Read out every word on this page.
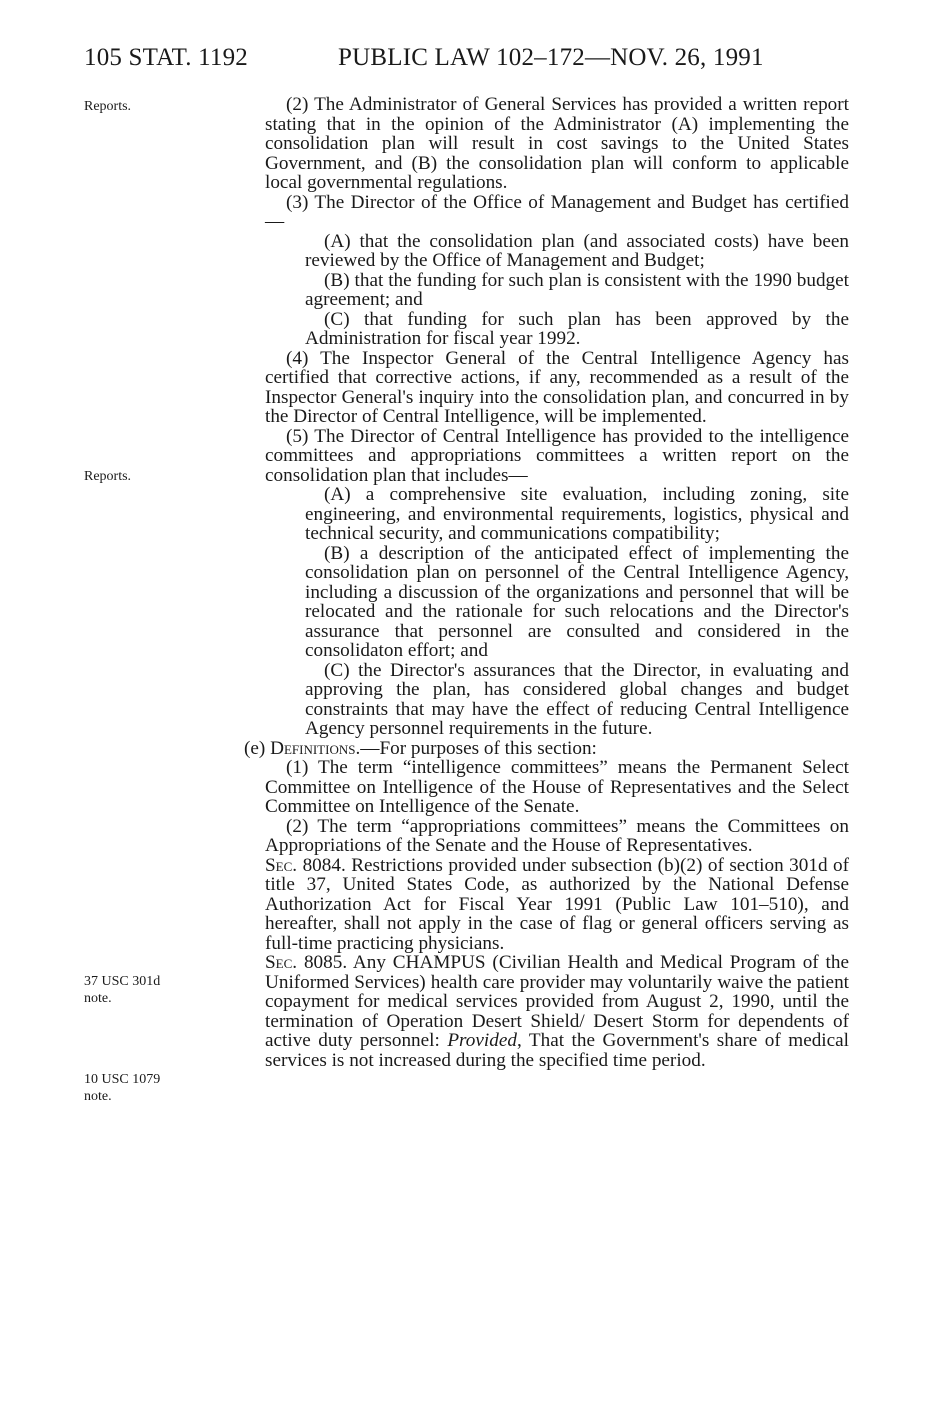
105 STAT. 1192	PUBLIC LAW 102–172—NOV. 26, 1991
Reports.
Reports.
37 USC 301d
note.
10 USC 1079
note.

(2) The Administrator of General Services has provided a written report stating that in the opinion of the Administrator (A) implementing the consolidation plan will result in cost savings to the United States Government, and (B) the consolidation plan will conform to applicable local governmental regulations.

(3) The Director of the Office of Management and Budget has certified—

(A) that the consolidation plan (and associated costs) have been reviewed by the Office of Management and Budget;

(B) that the funding for such plan is consistent with the 1990 budget agreement; and

(C) that funding for such plan has been approved by the Administration for fiscal year 1992.

(4) The Inspector General of the Central Intelligence Agency has certified that corrective actions, if any, recommended as a result of the Inspector General's inquiry into the consolidation plan, and concurred in by the Director of Central Intelligence, will be implemented.

(5) The Director of Central Intelligence has provided to the intelligence committees and appropriations committees a written report on the consolidation plan that includes—

(A) a comprehensive site evaluation, including zoning, site engineering, and environmental requirements, logistics, physical and technical security, and communications compatibility;

(B) a description of the anticipated effect of implementing the consolidation plan on personnel of the Central Intelligence Agency, including a discussion of the organizations and personnel that will be relocated and the rationale for such relocations and the Director's assurance that personnel are consulted and considered in the consolidaton effort; and

(C) the Director's assurances that the Director, in evaluating and approving the plan, has considered global changes and budget constraints that may have the effect of reducing Central Intelligence Agency personnel requirements in the future.

(e) Definitions.—For purposes of this section:

(1) The term “intelligence committees” means the Permanent Select Committee on Intelligence of the House of Representatives and the Select Committee on Intelligence of the Senate.

(2) The term “appropriations committees” means the Committees on Appropriations of the Senate and the House of Representatives.

Sec. 8084. Restrictions provided under subsection (b)(2) of section 301d of title 37, United States Code, as authorized by the National Defense Authorization Act for Fiscal Year 1991 (Public Law 101–510), and hereafter, shall not apply in the case of flag or general officers serving as full-time practicing physicians.

Sec. 8085. Any CHAMPUS (Civilian Health and Medical Program of the Uniformed Services) health care provider may voluntarily waive the patient copayment for medical services provided from August 2, 1990, until the termination of Operation Desert Shield/ Desert Storm for dependents of active duty personnel: Provided, That the Government's share of medical services is not increased during the specified time period.
